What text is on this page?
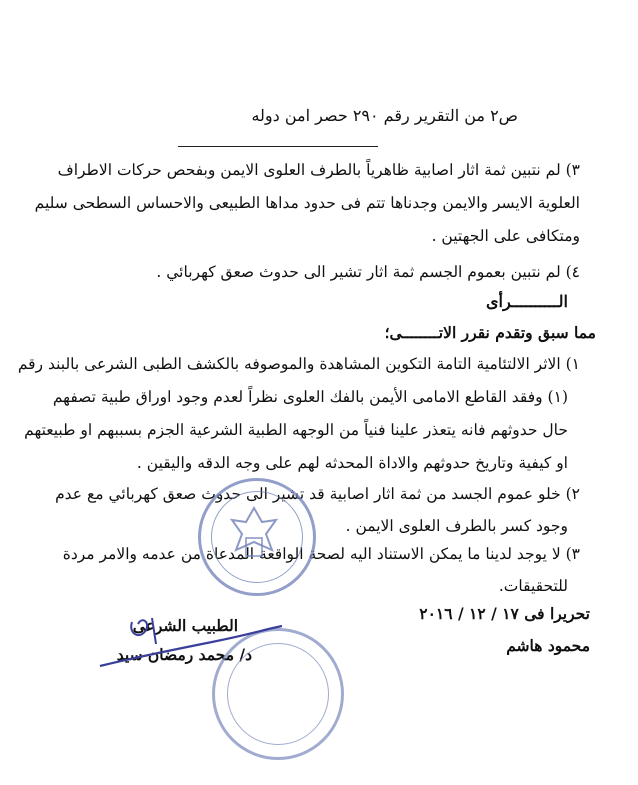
ص٢ من التقرير رقم ٢٩٠ حصر امن دوله
٣) لم نتبين ثمة اثار اصابية ظاهرياً بالطرف العلوى الايمن وبفحص حركات الاطراف
العلوية الايسر والايمن وجدناها تتم فى حدود مداها الطبيعى والاحساس السطحى سليم
ومتكافى على الجهتين .
٤) لم نتبين بعموم الجسم ثمة اثار تشير الى حدوث صعق كهربائي .
الــــــــــرأى
مما سبق وتقدم نقرر الاتــــــــى؛
١) الاثر الالتئامية التامة التكوين المشاهدة والموصوفه بالكشف الطبى الشرعى بالبند رقم
(١) وفقد القاطع الامامى الأيمن بالفك العلوى نظراً لعدم وجود اوراق طبية تصفهم
حال حدوثهم فانه يتعذر علينا فنياً من الوجهه الطبية الشرعية الجزم بسببهم او طبيعتهم
او كيفية وتاريخ حدوثهم والاداة المحدثه لهم على وجه الدقه واليقين .
٢) خلو عموم الجسد من ثمة اثار اصابية قد تشير الى حدوث صعق كهربائي مع عدم
وجود كسر بالطرف العلوى الايمن .
٣) لا يوجد لدينا ما يمكن الاستناد اليه لصحة الواقعة المدعاة من عدمه والامر مردة
للتحقيقات.
تحريرا فى ١٧ / ١٢ / ٢٠١٦
محمود هاشم
الطبيب الشرعى
د/ محمد رمضان سيد
